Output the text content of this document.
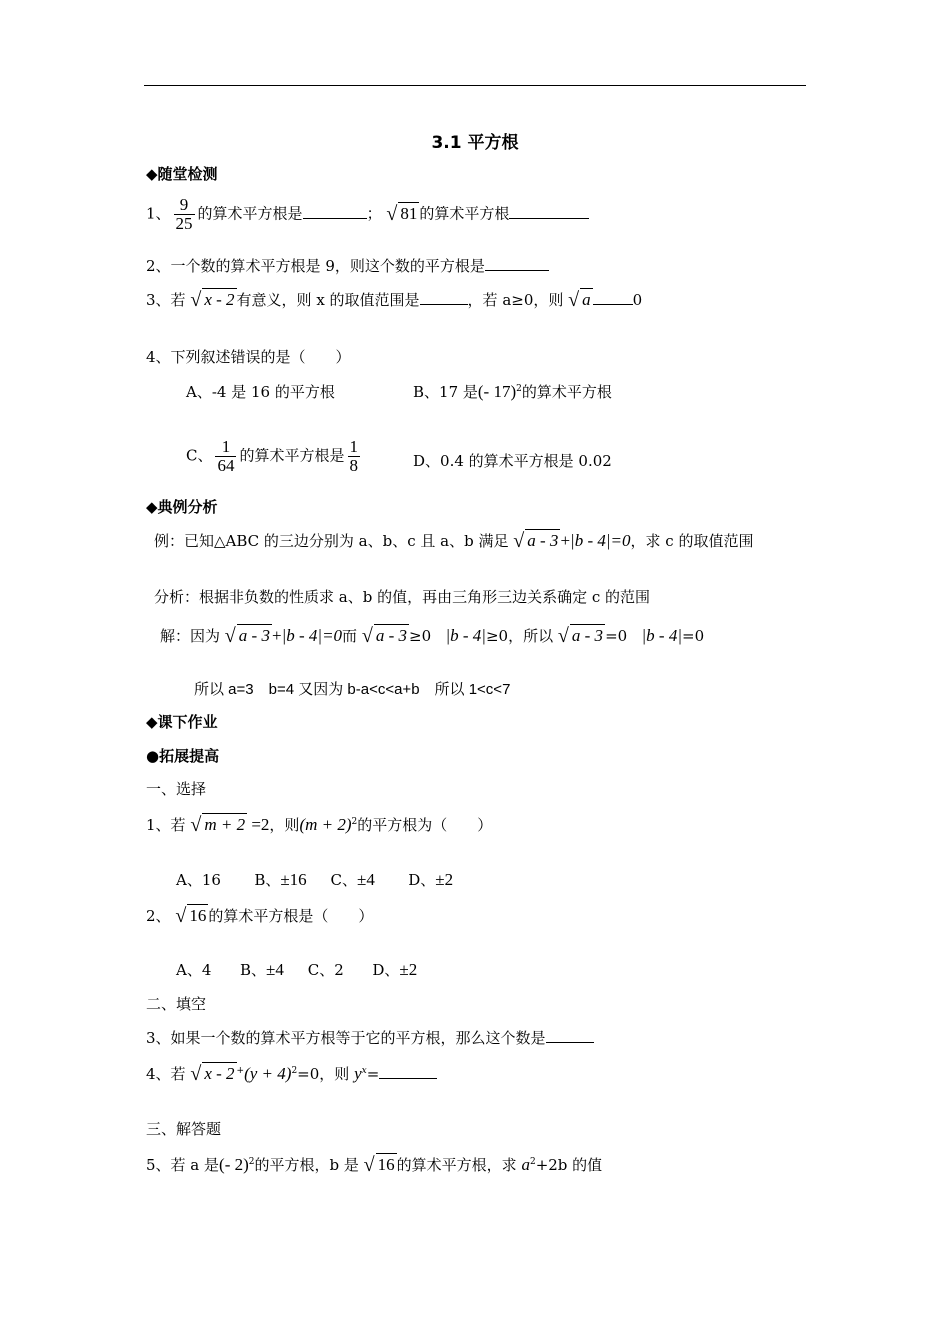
3.1 平方根
◆随堂检测
1、 $\frac{9}{25}$ 的算术平方根是	； √ 81 的算术平方根
2、一个数的算术平方根是 9，则这个数的平方根是
3、若 √ x - 2 有意义，则 x 的取值范围是	，若 a≥0，则 √ a	0
4、下列叙述错误的是（　　）
A、-4 是 16 的平方根	B、17 是(- 17)$^2$的算术平方根
C、 $\frac{1}{64}$ 的算术平方根是 $\frac{1}{8}$	D、0.4 的算术平方根是 0.02
◆典例分析
例：已知△ABC 的三边分别为 a、b、c 且 a、b 满足 √ a - 3 +|b - 4|=0，求 c 的取值范围
分析：根据非负数的性质求 a、b 的值，再由三角形三边关系确定 c 的范围
解：因为 √ a - 3 +|b - 4|=0而 √ a - 3 ≥0 |b - 4|≥0，所以 √ a - 3 =0 |b - 4|=0
所以 a=3　b=4 又因为 b-a<c<a+b　所以 1<c<7
◆课下作业
●拓展提高
一、选择
1、若 √ m + 2 =2，则$(m + 2)^2$的平方根为（　　）
A、16 B、±16 C、±4 D、±2
2、 √ 16 的算术平方根是（　　）
A、4 B、±4 C、2 D、±2
二、填空
3、如果一个数的算术平方根等于它的平方根，那么这个数是
4、若 √ x - 2 $^+(y + 4)^2=0$，则 $y^x=$
三、解答题
5、若 a 是(- 2)$^2$的平方根，b 是 √ 16 的算术平方根，求 $a^2+2b$ 的值
